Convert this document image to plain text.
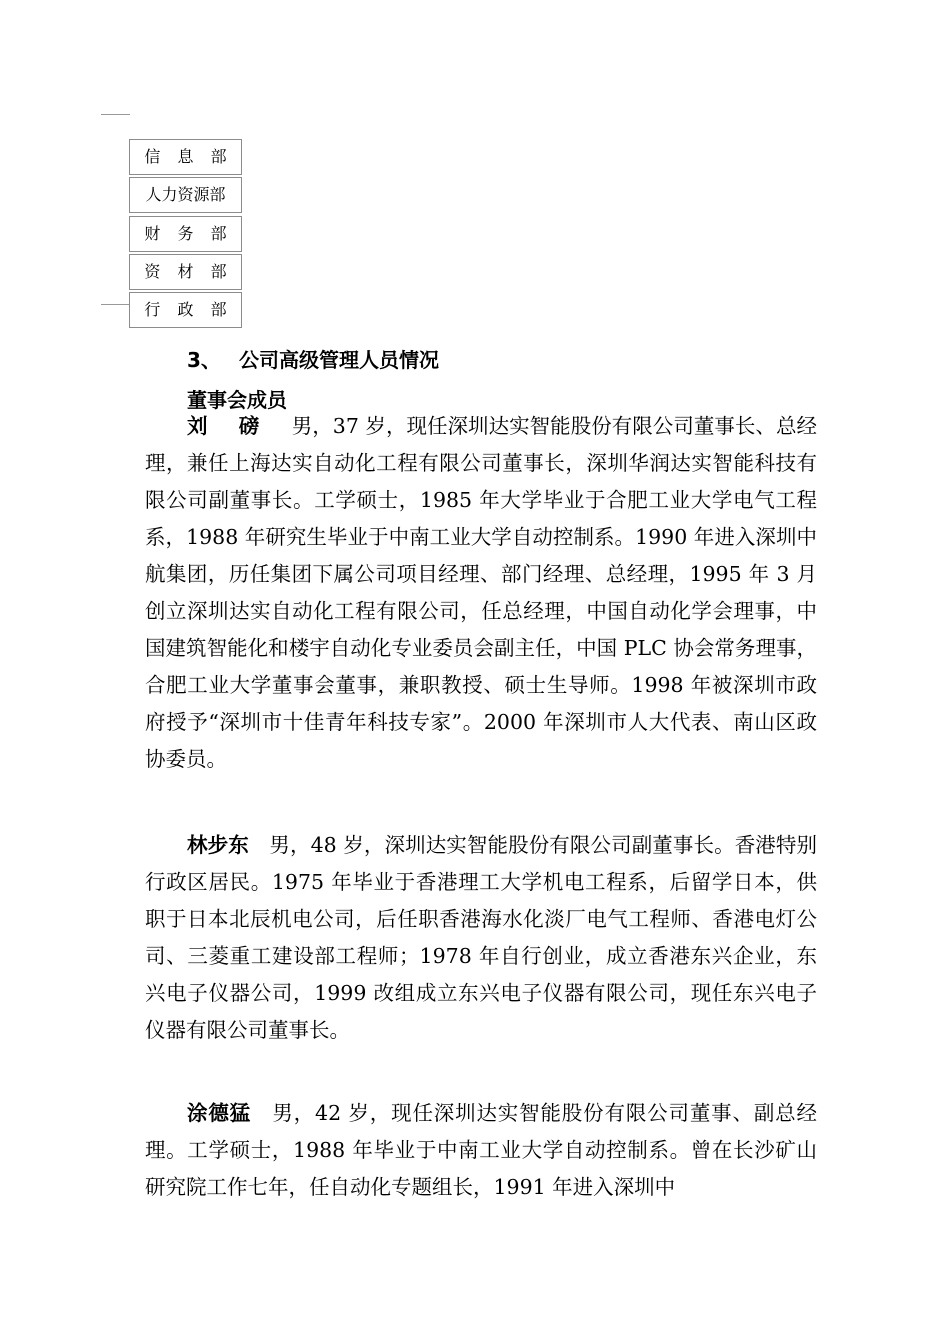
信 息 部
人力资源部
财 务 部
资 材 部
行 政 部
3、 公司高级管理人员情况
董事会成员

刘 磅  男，37 岁，现任深圳达实智能股份有限公司董事长、总经理，兼任上海达实自动化工程有限公司董事长，深圳华润达实智能科技有限公司副董事长。工学硕士，1985 年大学毕业于合肥工业大学电气工程系，1988 年研究生毕业于中南工业大学自动控制系。1990 年进入深圳中航集团，历任集团下属公司项目经理、部门经理、总经理，1995 年 3 月创立深圳达实自动化工程有限公司，任总经理，中国自动化学会理事，中国建筑智能化和楼宇自动化专业委员会副主任，中国 PLC 协会常务理事，合肥工业大学董事会董事，兼职教授、硕士生导师。1998 年被深圳市政府授予“深圳市十佳青年科技专家”。2000 年深圳市人大代表、南山区政协委员。

林步东  男，48 岁，深圳达实智能股份有限公司副董事长。香港特别行政区居民。1975 年毕业于香港理工大学机电工程系，后留学日本，供职于日本北辰机电公司，后任职香港海水化淡厂电气工程师、香港电灯公司、三菱重工建设部工程师；1978 年自行创业，成立香港东兴企业，东兴电子仪器公司，1999 改组成立东兴电子仪器有限公司，现任东兴电子仪器有限公司董事长。

涂德猛  男，42 岁，现任深圳达实智能股份有限公司董事、副总经理。工学硕士，1988 年毕业于中南工业大学自动控制系。曾在长沙矿山研究院工作七年，任自动化专题组长，1991 年进入深圳中
